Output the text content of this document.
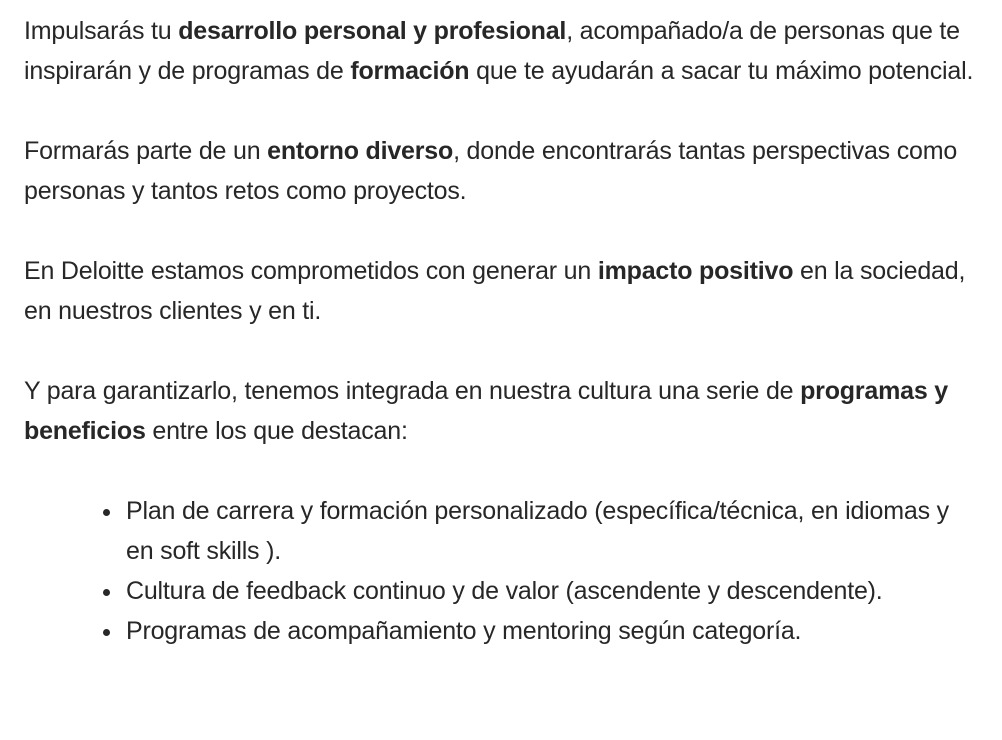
Impulsarás tu desarrollo personal y profesional, acompañado/a de personas que te inspirarán y de programas de formación que te ayudarán a sacar tu máximo potencial.

Formarás parte de un entorno diverso, donde encontrarás tantas perspectivas como personas y tantos retos como proyectos.

En Deloitte estamos comprometidos con generar un impacto positivo en la sociedad, en nuestros clientes y en ti.

Y para garantizarlo, tenemos integrada en nuestra cultura una serie de programas y beneficios entre los que destacan:

• Plan de carrera y formación personalizado (específica/técnica, en idiomas y en soft skills ).
• Cultura de feedback continuo y de valor (ascendente y descendente).
• Programas de acompañamiento y mentoring según categoría.
